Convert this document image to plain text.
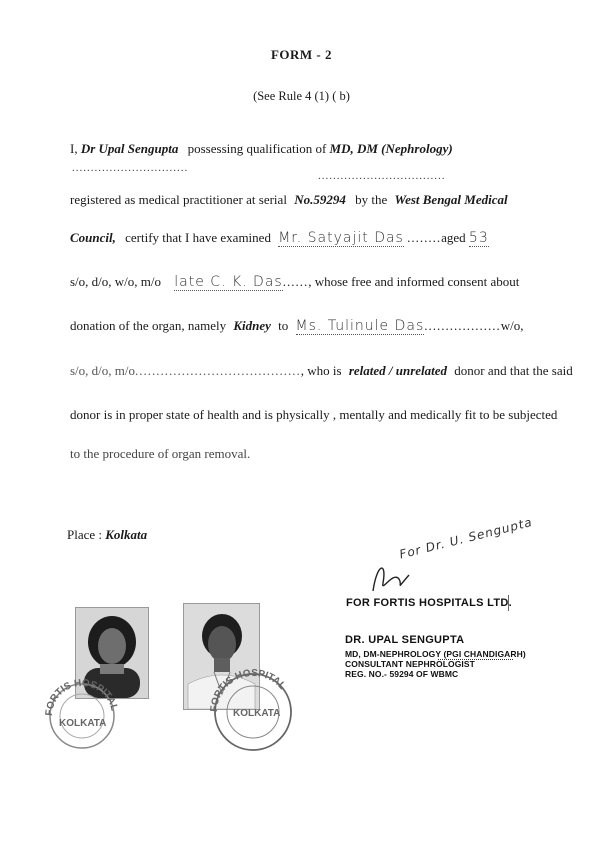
FORM - 2
(See Rule 4 (1) ( b)
I, Dr Upal Sengupta possessing qualification of MD, DM (Nephrology)
...............................
..................................
registered as medical practitioner at serial No.59294 by the West Bengal Medical
Council, certify that I have examined Mr. Satyajit Das ........aged 53
s/o, d/o, w/o, m/o late C. K. Das......, whose free and informed consent about
donation of the organ, namely Kidney to Ms. Tulinule Das..................w/o,
s/o, d/o, m/o......................................., who is related / unrelated donor and that the said
donor is in proper state of health and is physically , mentally and medically fit to be subjected
to the procedure of organ removal.
Place : Kolkata	For Dr. U. Sengupta
FOR FORTIS HOSPITALS LTD.
DR. UPAL SENGUPTA
MD, DM-NEPHROLOGY (PGI CHANDIGARH)
CONSULTANT NEPHROLOGIST
REG. NO.- 59294 OF WBMC
FORTIS HOSPITAL
KOLKATA
FORTIS HOSPITAL
KOLKATA
